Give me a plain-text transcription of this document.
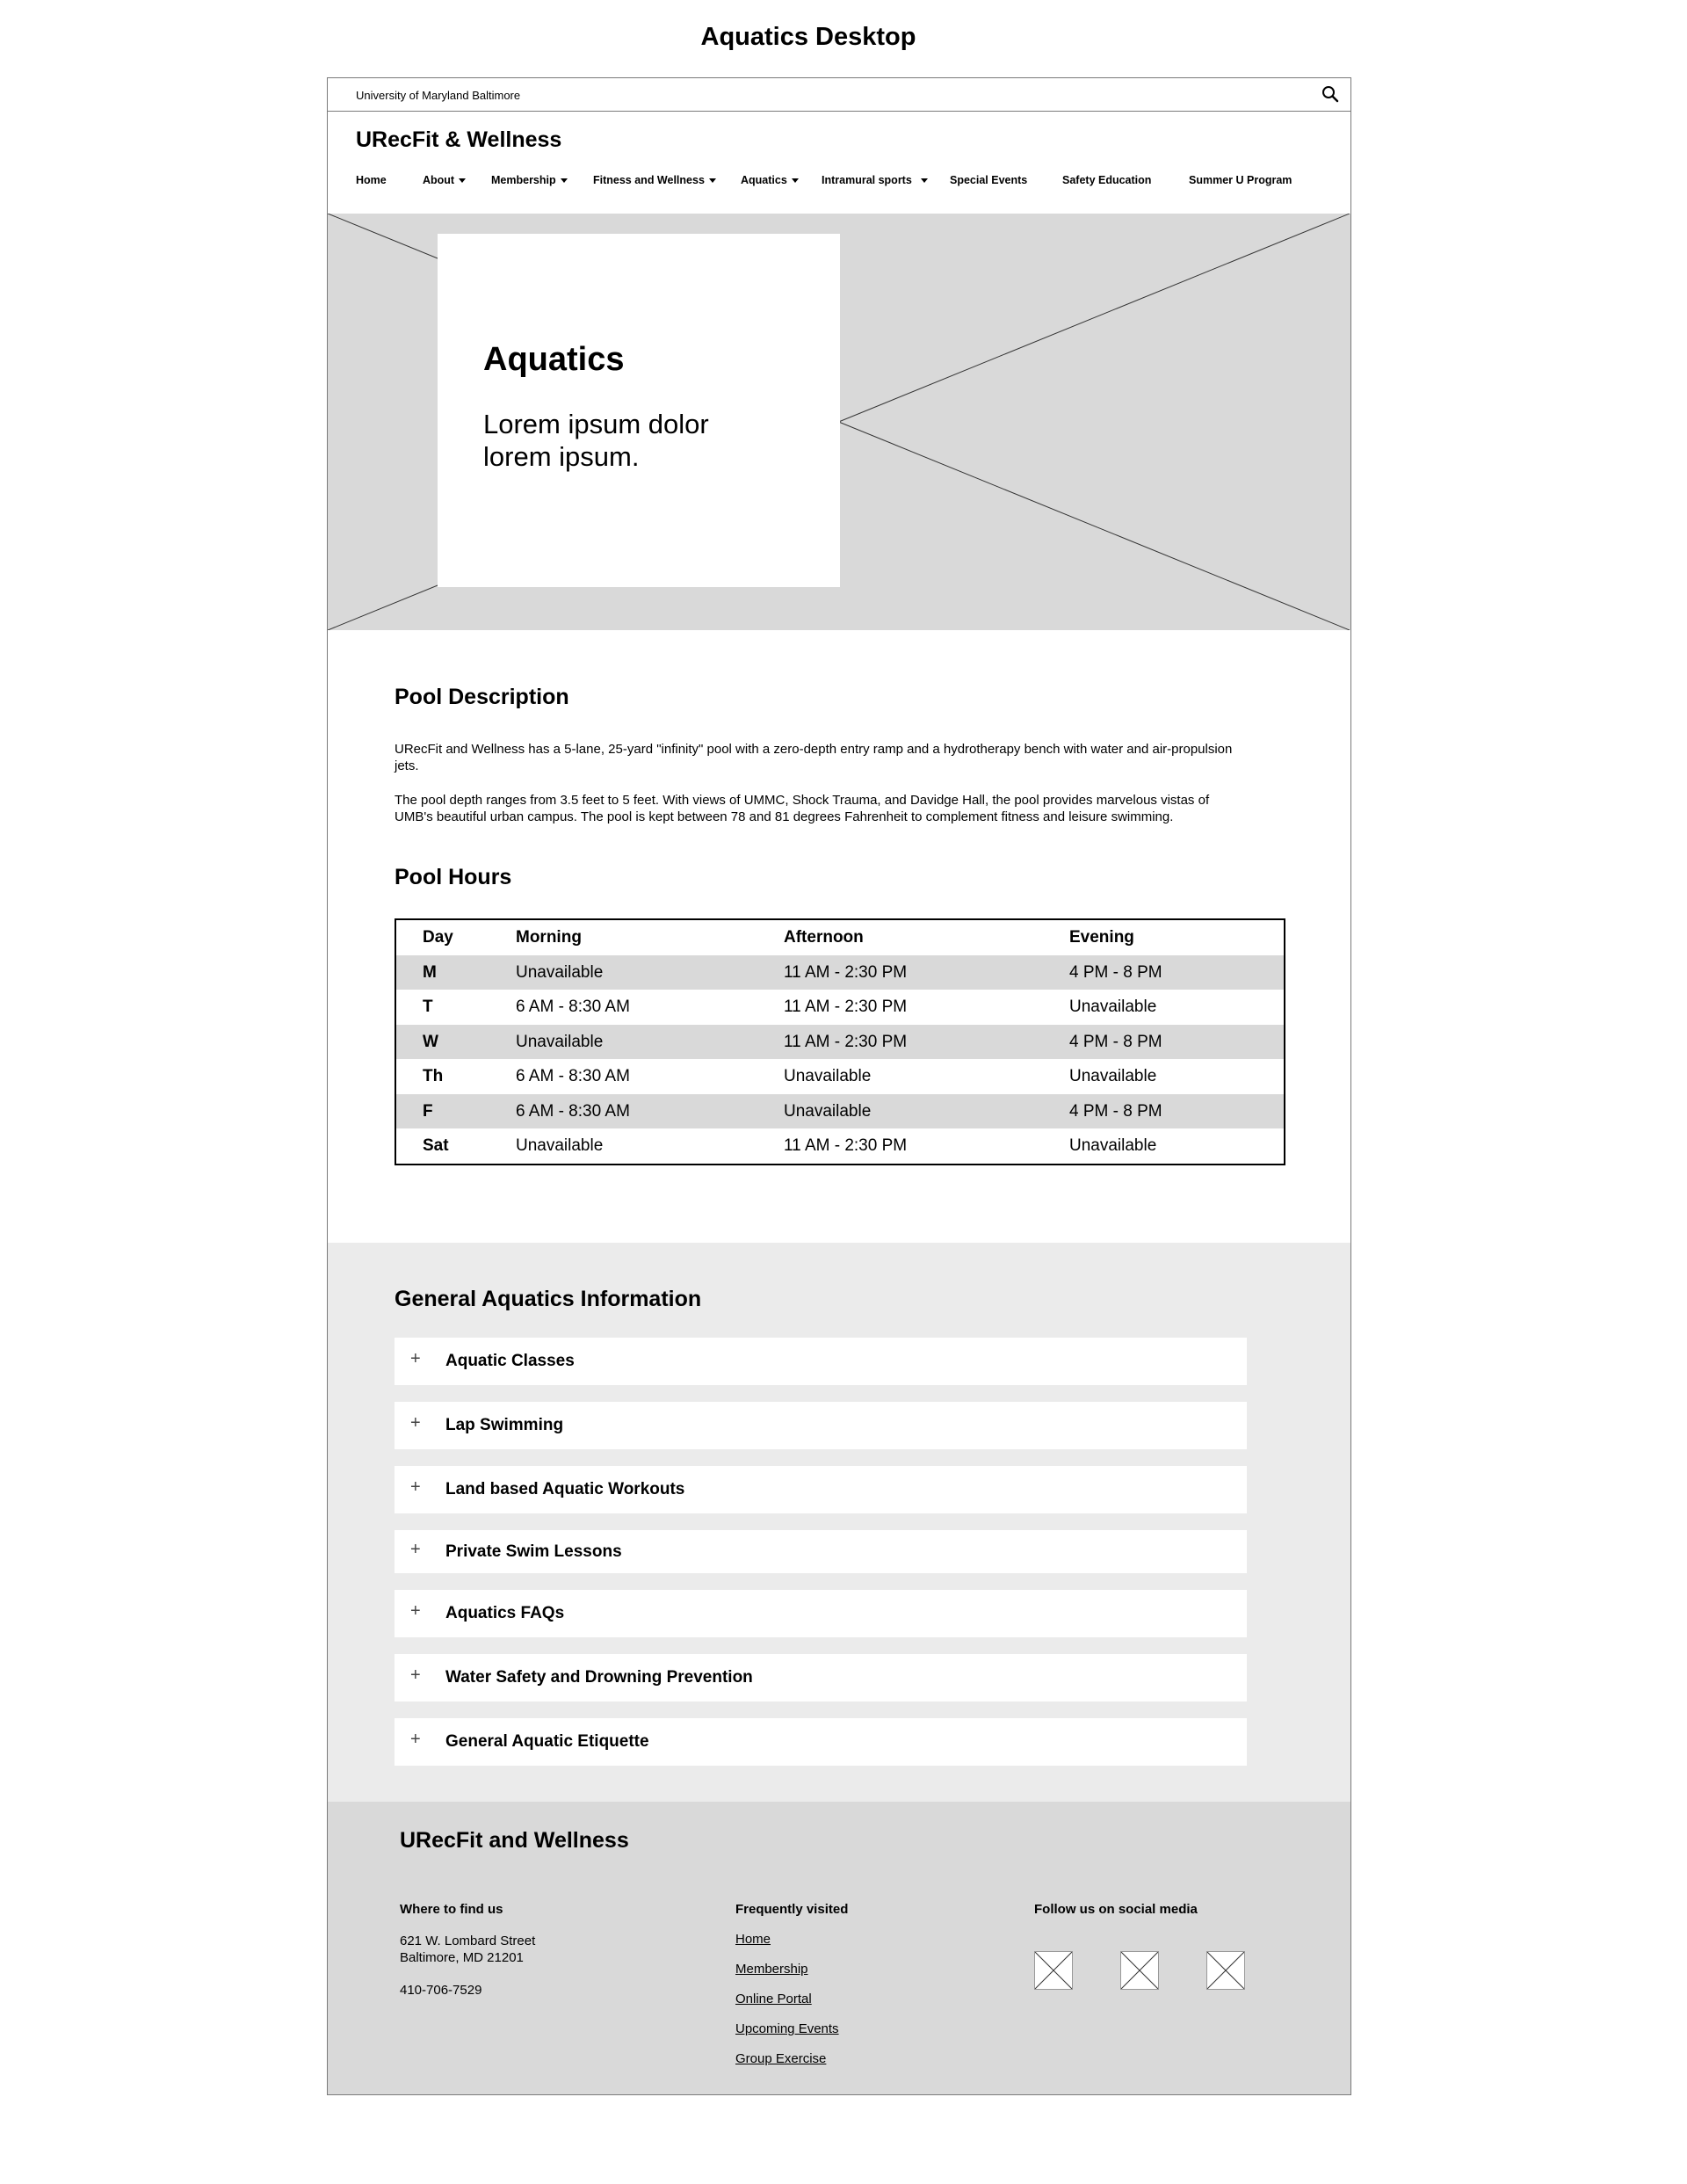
Aquatics Desktop
University of Maryland Baltimore
URecFit & Wellness
Home	About	Membership	Fitness and Wellness	Aquatics	Intramural sports	Special Events	Safety Education	Summer U Program
Aquatics
Lorem ipsum dolor lorem ipsum.
Pool Description
URecFit and Wellness has a 5-lane, 25-yard "infinity" pool with a zero-depth entry ramp and a hydrotherapy bench with water and air-propulsion jets.
The pool depth ranges from 3.5 feet to 5 feet. With views of UMMC, Shock Trauma, and Davidge Hall, the pool provides marvelous vistas of UMB's beautiful urban campus. The pool is kept between 78 and 81 degrees Fahrenheit to complement fitness and leisure swimming.
Pool Hours
Day	Morning	Afternoon	Evening
M	Unavailable	11 AM - 2:30 PM	4 PM - 8 PM
T	6 AM - 8:30 AM	11 AM - 2:30 PM	Unavailable
W	Unavailable	11 AM - 2:30 PM	4 PM - 8 PM
Th	6 AM - 8:30 AM	Unavailable	Unavailable
F	6 AM - 8:30 AM	Unavailable	4 PM - 8 PM
Sat	Unavailable	11 AM - 2:30 PM	Unavailable
General Aquatics Information
+ Aquatic Classes
+ Lap Swimming
+ Land based Aquatic Workouts
+ Private Swim Lessons
+ Aquatics FAQs
+ Water Safety and Drowning Prevention
+ General Aquatic Etiquette
URecFit and Wellness
Where to find us
621 W. Lombard Street
Baltimore, MD 21201
410-706-7529
Frequently visited
Home
Membership
Online Portal
Upcoming Events
Group Exercise
Follow us on social media
